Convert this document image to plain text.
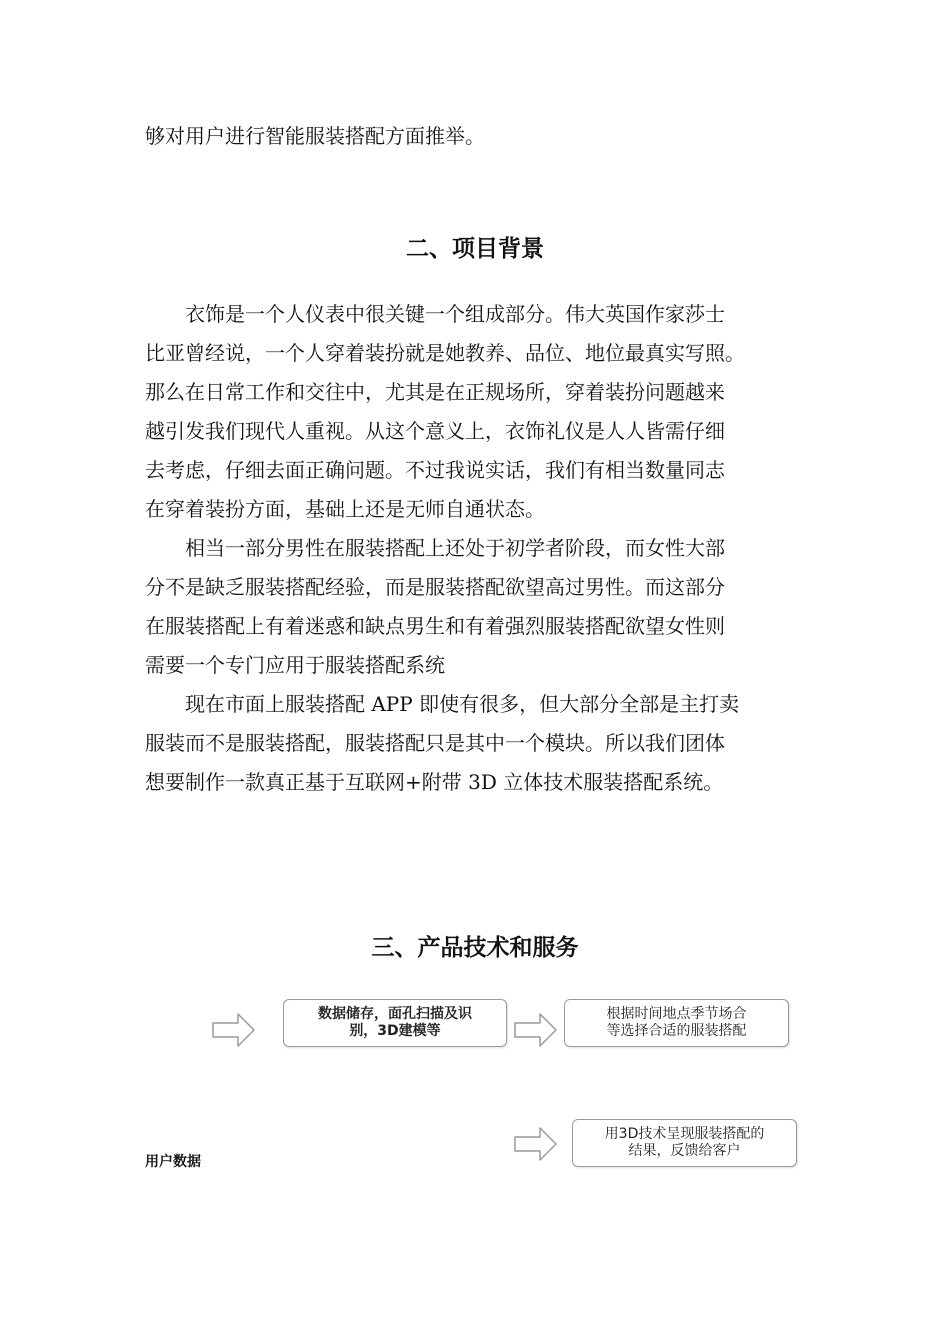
够对用户进行智能服装搭配方面推举。
二、项目背景
　　衣饰是一个人仪表中很关键一个组成部分。伟大英国作家莎士
比亚曾经说，一个人穿着装扮就是她教养、品位、地位最真实写照。
那么在日常工作和交往中，尤其是在正规场所，穿着装扮问题越来
越引发我们现代人重视。从这个意义上，衣饰礼仪是人人皆需仔细
去考虑，仔细去面正确问题。不过我说实话，我们有相当数量同志
在穿着装扮方面，基础上还是无师自通状态。
　　相当一部分男性在服装搭配上还处于初学者阶段，而女性大部
分不是缺乏服装搭配经验，而是服装搭配欲望高过男性。而这部分
在服装搭配上有着迷惑和缺点男生和有着强烈服装搭配欲望女性则
需要一个专门应用于服装搭配系统
　　现在市面上服装搭配 APP 即使有很多，但大部分全部是主打卖
服装而不是服装搭配，服装搭配只是其中一个模块。所以我们团体
想要制作一款真正基于互联网+附带 3D 立体技术服装搭配系统。
三、产品技术和服务
数据储存，面孔扫描及识
别，3D建模等
根据时间地点季节场合
等选择合适的服装搭配
用3D技术呈现服装搭配的
结果，反馈给客户
用户数据
